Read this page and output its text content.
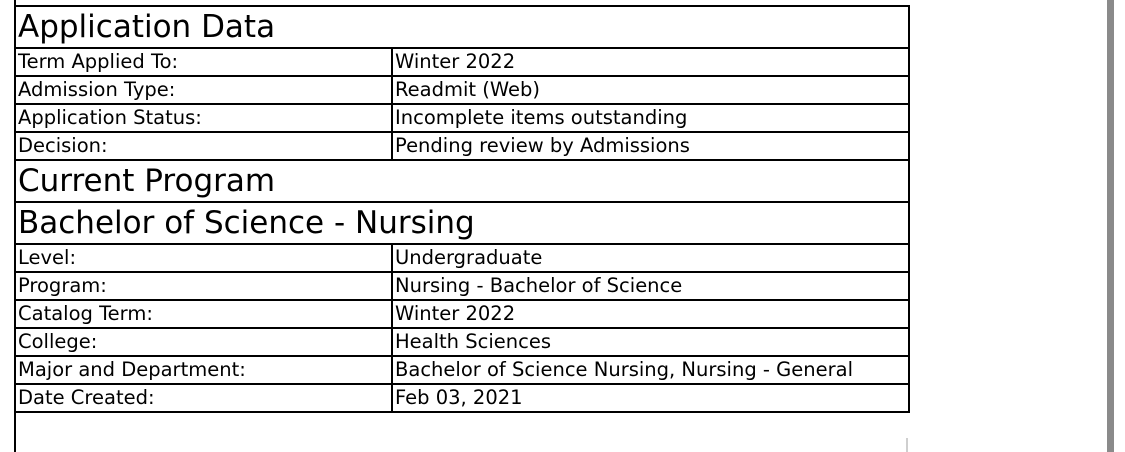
Application Data	
Term Applied To:	Winter 2022
Admission Type:	Readmit (Web)
Application Status:	Incomplete items outstanding
Decision:	Pending review by Admissions
Current Program	
Bachelor of Science - Nursing	
Level:	Undergraduate
Program:	Nursing - Bachelor of Science
Catalog Term:	Winter 2022
College:	Health Sciences
Major and Department:	Bachelor of Science Nursing, Nursing - General
Date Created:	Feb 03, 2021
